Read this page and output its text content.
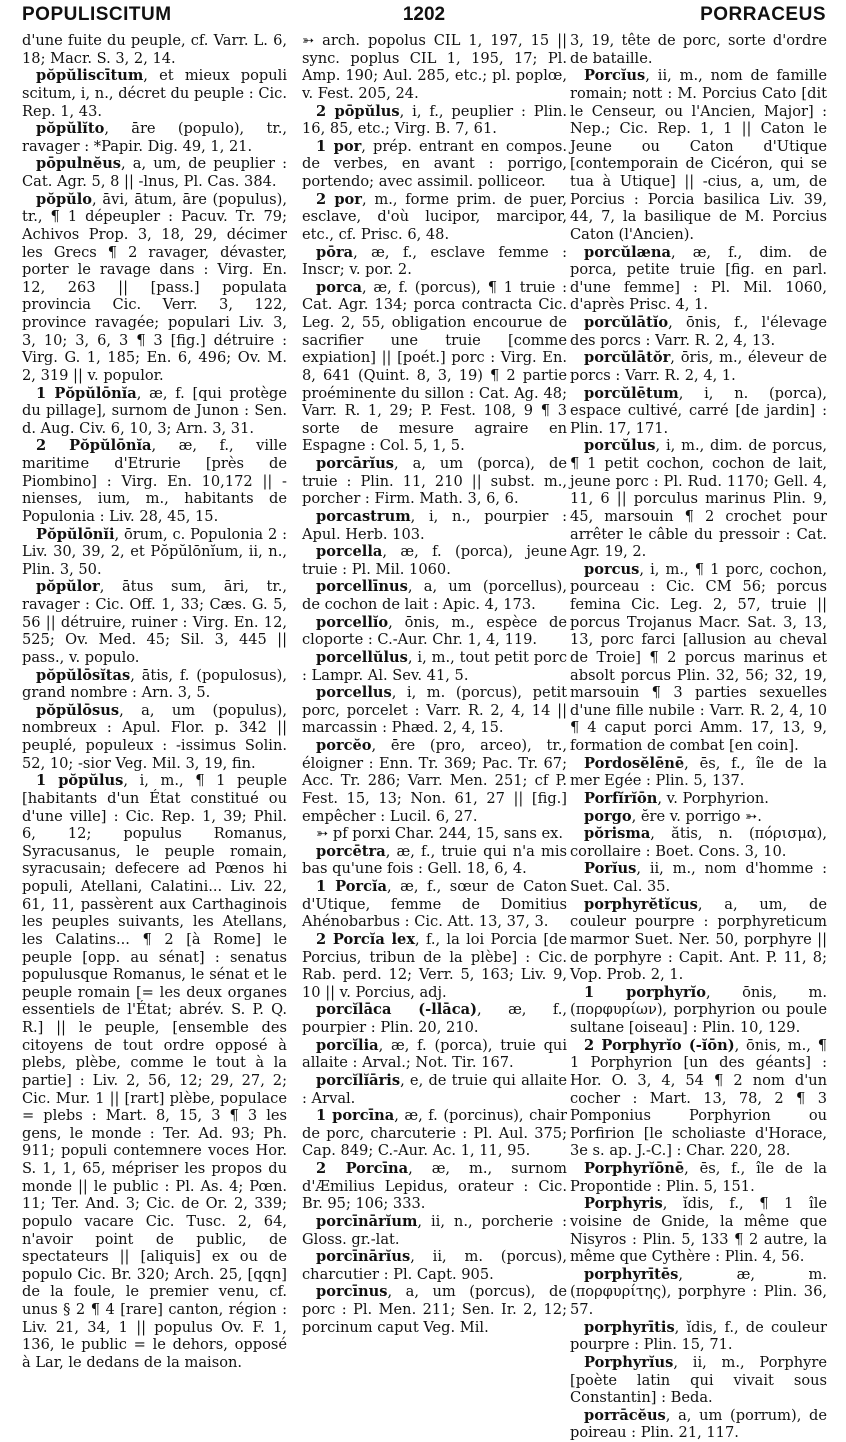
POPULISCITUM	1202	PORRACEUS

d'une fuite du peuple, cf. Varr. L. 6, 18; Macr. S. 3, 2, 14.

pŏpŭliscītum, et mieux populi scitum, i, n., décret du peuple : Cic. Rep. 1, 43.

pŏpŭlĭto, āre (populo), tr., ravager : *Papir. Dig. 49, 1, 21.

pōpulnĕus, a, um, de peuplier : Cat. Agr. 5, 8 || -lnus, Pl. Cas. 384.

pŏpŭlo, āvi, ātum, āre (populus), tr., ¶ 1 dépeupler : Pacuv. Tr. 79; Achivos Prop. 3, 18, 29, décimer les Grecs ¶ 2 ravager, dévaster, porter le ravage dans : Virg. En. 12, 263 || [pass.] populata provincia Cic. Verr. 3, 122, province ravagée; populari Liv. 3, 3, 10; 3, 6, 3 ¶ 3 [fig.] détruire : Virg. G. 1, 185; En. 6, 496; Ov. M. 2, 319 || v. populor.

1 Pŏpŭlōnĭa, æ, f. [qui protège du pillage], surnom de Junon : Sen. d. Aug. Civ. 6, 10, 3; Arn. 3, 31.

2 Pŏpŭlōnĭa, æ, f., ville maritime d'Etrurie [près de Piombino] : Virg. En. 10,172 || -nienses, ium, m., habitants de Populonia : Liv. 28, 45, 15.

Pŏpŭlōnĭi, ōrum, c. Populonia 2 : Liv. 30, 39, 2, et Pŏpŭlōnĭum, ii, n., Plin. 3, 50.

pŏpŭlor, ātus sum, āri, tr., ravager : Cic. Off. 1, 33; Cæs. G. 5, 56 || détruire, ruiner : Virg. En. 12, 525; Ov. Med. 45; Sil. 3, 445 || pass., v. populo.

pŏpŭlōsĭtas, ātis, f. (populosus), grand nombre : Arn. 3, 5.

pŏpŭlōsus, a, um (populus), nombreux : Apul. Flor. p. 342 || peuplé, populeux : -issimus Solin. 52, 10; -sior Veg. Mil. 3, 19, fin.

1 pŏpŭlus, i, m., ¶ 1 peuple [habitants d'un État constitué ou d'une ville] : Cic. Rep. 1, 39; Phil. 6, 12; populus Romanus, Syracusanus, le peuple romain, syracusain; defecere ad Pœnos hi populi, Atellani, Calatini... Liv. 22, 61, 11, passèrent aux Carthaginois les peuples suivants, les Atellans, les Calatins... ¶ 2 [à Rome] le peuple [opp. au sénat] : senatus populusque Romanus, le sénat et le peuple romain [= les deux organes essentiels de l'État; abrév. S. P. Q. R.] || le peuple, [ensemble des citoyens de tout ordre opposé à plebs, plèbe, comme le tout à la partie] : Liv. 2, 56, 12; 29, 27, 2; Cic. Mur. 1 || [rart] plèbe, populace = plebs : Mart. 8, 15, 3 ¶ 3 les gens, le monde : Ter. Ad. 93; Ph. 911; populi contemnere voces Hor. S. 1, 1, 65, mépriser les propos du monde || le public : Pl. As. 4; Pœn. 11; Ter. And. 3; Cic. de Or. 2, 339; populo vacare Cic. Tusc. 2, 64, n'avoir point de public, de spectateurs || [aliquis] ex ou de populo Cic. Br. 320; Arch. 25, [qqn] de la foule, le premier venu, cf. unus § 2 ¶ 4 [rare] canton, région : Liv. 21, 34, 1 || populus Ov. F. 1, 136, le public = le dehors, opposé à Lar, le dedans de la maison.

➳ arch. popolus CIL 1, 197, 15 || sync. poplus CIL 1, 195, 17; Pl. Amp. 190; Aul. 285, etc.; pl. poplœ, v. Fest. 205, 24.

2 pōpŭlus, i, f., peuplier : Plin. 16, 85, etc.; Virg. B. 7, 61.

1 por, prép. entrant en compos. de verbes, en avant : porrigo, portendo; avec assimil. polliceor.

2 por, m., forme prim. de puer, esclave, d'où lucipor, marcipor, etc., cf. Prisc. 6, 48.

pōra, æ, f., esclave femme : Inscr; v. por. 2.

porca, æ, f. (porcus), ¶ 1 truie : Cat. Agr. 134; porca contracta Cic. Leg. 2, 55, obligation encourue de sacrifier une truie [comme expiation] || [poét.] porc : Virg. En. 8, 641 (Quint. 8, 3, 19) ¶ 2 partie proéminente du sillon : Cat. Ag. 48; Varr. R. 1, 29; P. Fest. 108, 9 ¶ 3 sorte de mesure agraire en Espagne : Col. 5, 1, 5.

porcārĭus, a, um (porca), de truie : Plin. 11, 210 || subst. m., porcher : Firm. Math. 3, 6, 6.

porcastrum, i, n., pourpier : Apul. Herb. 103.

porcella, æ, f. (porca), jeune truie : Pl. Mil. 1060.

porcellīnus, a, um (porcellus), de cochon de lait : Apic. 4, 173.

porcellĭo, ōnis, m., espèce de cloporte : C.-Aur. Chr. 1, 4, 119.

porcellŭlus, i, m., tout petit porc : Lampr. Al. Sev. 41, 5.

porcellus, i, m. (porcus), petit porc, porcelet : Varr. R. 2, 4, 14 || marcassin : Phæd. 2, 4, 15.

porcĕo, ēre (pro, arceo), tr., éloigner : Enn. Tr. 369; Pac. Tr. 67; Acc. Tr. 286; Varr. Men. 251; cf P. Fest. 15, 13; Non. 61, 27 || [fig.] empêcher : Lucil. 6, 27.

➳ pf porxi Char. 244, 15, sans ex.

porcētra, æ, f., truie qui n'a mis bas qu'une fois : Gell. 18, 6, 4.

1 Porcĭa, æ, f., sœur de Caton d'Utique, femme de Domitius Ahénobarbus : Cic. Att. 13, 37, 3.

2 Porcĭa lex, f., la loi Porcia [de Porcius, tribun de la plèbe] : Cic. Rab. perd. 12; Verr. 5, 163; Liv. 9, 10 || v. Porcius, adj.

porcĭlāca (-llāca), æ, f., pourpier : Plin. 20, 210.

porcĭlia, æ, f. (porca), truie qui allaite : Arval.; Not. Tir. 167.

porcĭlĭāris, e, de truie qui allaite : Arval.

1 porcīna, æ, f. (porcinus), chair de porc, charcuterie : Pl. Aul. 375; Cap. 849; C.-Aur. Ac. 1, 11, 95.

2 Porcīna, æ, m., surnom d'Æmilius Lepidus, orateur : Cic. Br. 95; 106; 333.

porcīnārĭum, ii, n., porcherie : Gloss. gr.-lat.

porcīnārĭus, ii, m. (porcus), charcutier : Pl. Capt. 905.

porcīnus, a, um (porcus), de porc : Pl. Men. 211; Sen. Ir. 2, 12; porcinum caput Veg. Mil.

3, 19, tête de porc, sorte d'ordre de bataille.

Porcĭus, ii, m., nom de famille romain; nott : M. Porcius Cato [dit le Censeur, ou l'Ancien, Major] : Nep.; Cic. Rep. 1, 1 || Caton le Jeune ou Caton d'Utique [contemporain de Cicéron, qui se tua à Utique] || -cius, a, um, de Porcius : Porcia basilica Liv. 39, 44, 7, la basilique de M. Porcius Caton (l'Ancien).

porcŭlæna, æ, f., dim. de porca, petite truie [fig. en parl. d'une femme] : Pl. Mil. 1060, d'après Prisc. 4, 1.

porcŭlātĭo, ōnis, f., l'élevage des porcs : Varr. R. 2, 4, 13.

porcŭlātŏr, ōris, m., éleveur de porcs : Varr. R. 2, 4, 1.

porcŭlētum, i, n. (porca), espace cultivé, carré [de jardin] : Plin. 17, 171.

porcŭlus, i, m., dim. de porcus, ¶ 1 petit cochon, cochon de lait, jeune porc : Pl. Rud. 1170; Gell. 4, 11, 6 || porculus marinus Plin. 9, 45, marsouin ¶ 2 crochet pour arrêter le câble du pressoir : Cat. Agr. 19, 2.

porcus, i, m., ¶ 1 porc, cochon, pourceau : Cic. CM 56; porcus femina Cic. Leg. 2, 57, truie || porcus Trojanus Macr. Sat. 3, 13, 13, porc farci [allusion au cheval de Troie] ¶ 2 porcus marinus et absolt porcus Plin. 32, 56; 32, 19, marsouin ¶ 3 parties sexuelles d'une fille nubile : Varr. R. 2, 4, 10 ¶ 4 caput porci Amm. 17, 13, 9, formation de combat [en coin].

Pordosĕlēnē, ēs, f., île de la mer Egée : Plin. 5, 137.

Porfĭrĭōn, v. Porphyrion.

porgo, ĕre v. porrigo ➳.

pŏrisma, ătis, n. (πόρισμα), corollaire : Boet. Cons. 3, 10.

Porĭus, ii, m., nom d'homme : Suet. Cal. 35.

porphyrĕtĭcus, a, um, de couleur pourpre : porphyreticum marmor Suet. Ner. 50, porphyre || de porphyre : Capit. Ant. P. 11, 8; Vop. Prob. 2, 1.

1 porphyrĭo, ōnis, m. (πορφυρίων), porphyrion ou poule sultane [oiseau] : Plin. 10, 129.

2 Porphyrĭo (-ĭōn), ōnis, m., ¶ 1 Porphyrion [un des géants] : Hor. O. 3, 4, 54 ¶ 2 nom d'un cocher : Mart. 13, 78, 2 ¶ 3 Pomponius Porphyrion ou Porfirion [le scholiaste d'Horace, 3e s. ap. J.-C.] : Char. 220, 28.

Porphyrĭōnē, ēs, f., île de la Propontide : Plin. 5, 151.

Porphyris, ĭdis, f., ¶ 1 île voisine de Gnide, la même que Nisyros : Plin. 5, 133 ¶ 2 autre, la même que Cythère : Plin. 4, 56.

porphyrītēs, æ, m. (πορφυρίτης), porphyre : Plin. 36, 57.

porphyrītis, ĭdis, f., de couleur pourpre : Plin. 15, 71.

Porphyrĭus, ii, m., Porphyre [poète latin qui vivait sous Constantin] : Beda.

porrācĕus, a, um (porrum), de poireau : Plin. 21, 117.
